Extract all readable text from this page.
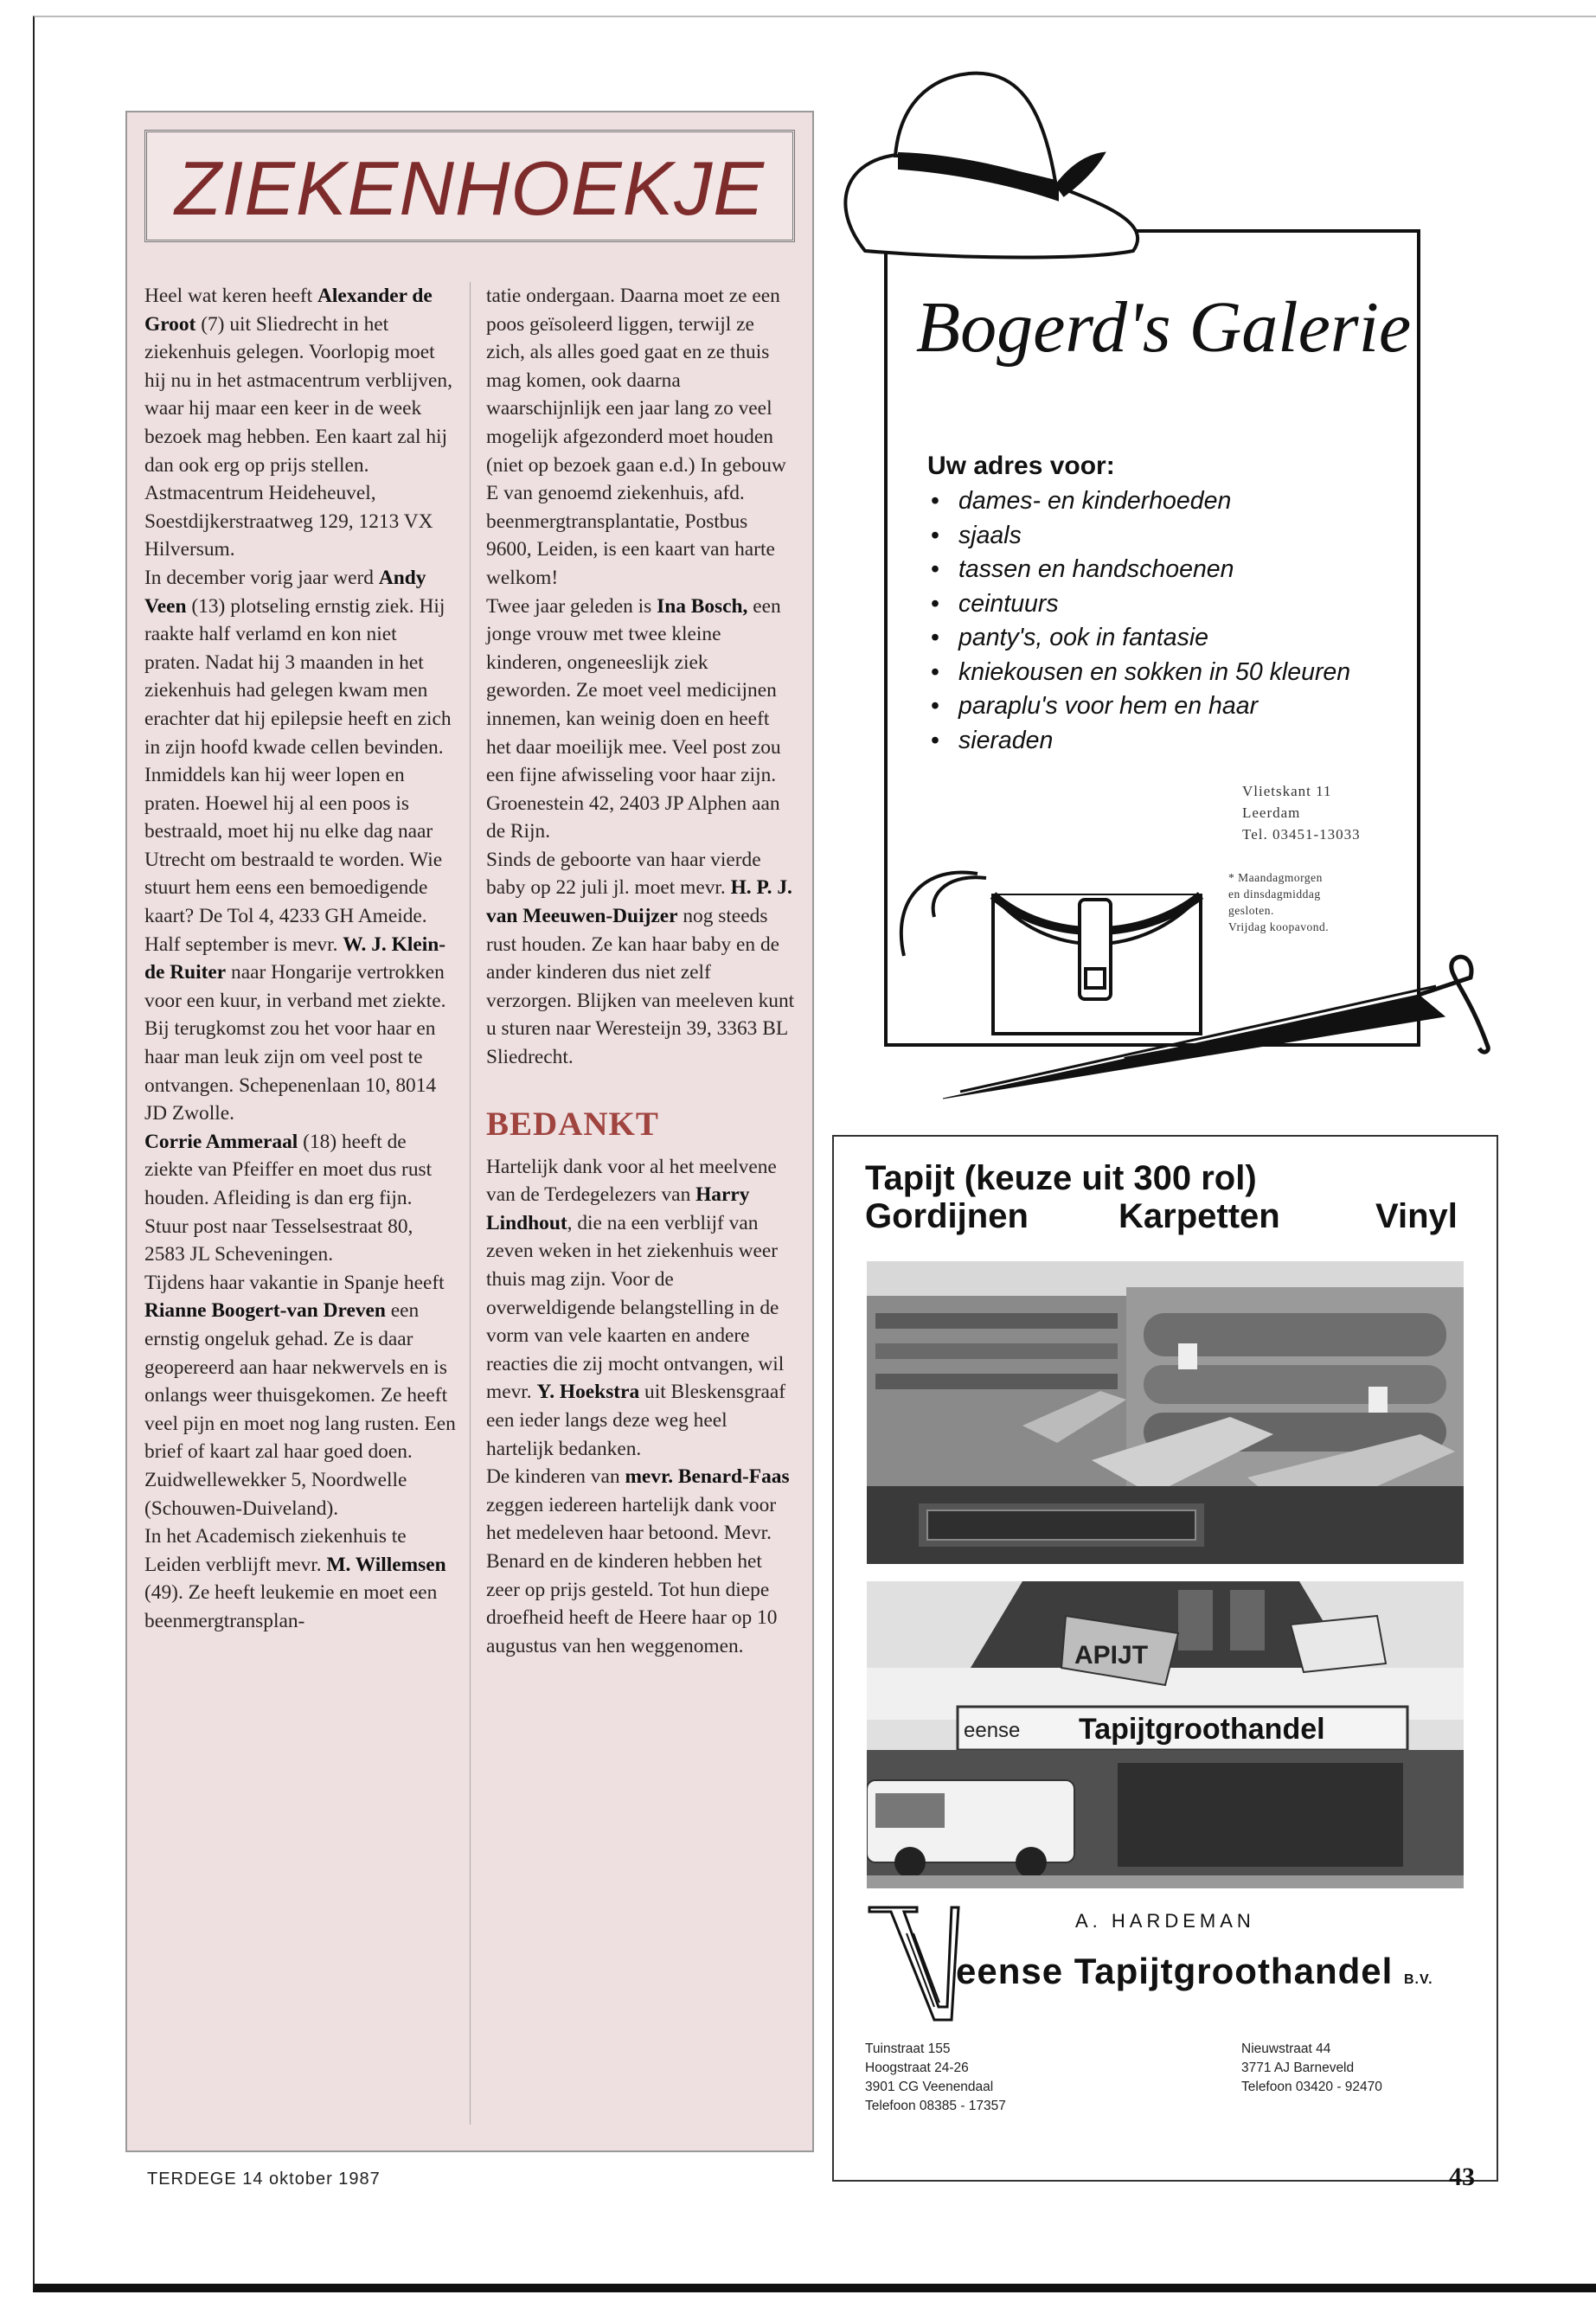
ZIEKENHOEKJE

Heel wat keren heeft Alexander de Groot (7) uit Sliedrecht in het ziekenhuis gelegen. Voorlopig moet hij nu in het astmacentrum verblijven, waar hij maar een keer in de week bezoek mag hebben. Een kaart zal hij dan ook erg op prijs stellen. Astmacentrum Heideheuvel, Soestdijkerstraatweg 129, 1213 VX Hilversum.

In december vorig jaar werd Andy Veen (13) plotseling ernstig ziek. Hij raakte half verlamd en kon niet praten. Nadat hij 3 maanden in het ziekenhuis had gelegen kwam men erachter dat hij epilepsie heeft en zich in zijn hoofd kwade cellen bevinden. Inmiddels kan hij weer lopen en praten. Hoewel hij al een poos is bestraald, moet hij nu elke dag naar Utrecht om bestraald te worden. Wie stuurt hem eens een bemoedigende kaart? De Tol 4, 4233 GH Ameide.

Half september is mevr. W. J. Klein-de Ruiter naar Hongarije vertrokken voor een kuur, in verband met ziekte. Bij terugkomst zou het voor haar en haar man leuk zijn om veel post te ontvangen. Schepenenlaan 10, 8014 JD Zwolle.

Corrie Ammeraal (18) heeft de ziekte van Pfeiffer en moet dus rust houden. Afleiding is dan erg fijn. Stuur post naar Tesselsestraat 80, 2583 JL Scheveningen.

Tijdens haar vakantie in Spanje heeft Rianne Boogert-van Dreven een ernstig ongeluk gehad. Ze is daar geopereerd aan haar nekwervels en is onlangs weer thuisgekomen. Ze heeft veel pijn en moet nog lang rusten. Een brief of kaart zal haar goed doen. Zuidwellewekker 5, Noordwelle (Schouwen-Duiveland).

In het Academisch ziekenhuis te Leiden verblijft mevr. M. Willemsen (49). Ze heeft leukemie en moet een beenmergtransplan-

tatie ondergaan. Daarna moet ze een poos geïsoleerd liggen, terwijl ze zich, als alles goed gaat en ze thuis mag komen, ook daarna waarschijnlijk een jaar lang zo veel mogelijk afgezonderd moet houden (niet op bezoek gaan e.d.) In gebouw E van genoemd ziekenhuis, afd. beenmergtransplantatie, Postbus 9600, Leiden, is een kaart van harte welkom!

Twee jaar geleden is Ina Bosch, een jonge vrouw met twee kleine kinderen, ongeneeslijk ziek geworden. Ze moet veel medicijnen innemen, kan weinig doen en heeft het daar moeilijk mee. Veel post zou een fijne afwisseling voor haar zijn. Groenestein 42, 2403 JP Alphen aan de Rijn.

Sinds de geboorte van haar vierde baby op 22 juli jl. moet mevr. H. P. J. van Meeuwen-Duijzer nog steeds rust houden. Ze kan haar baby en de ander kinderen dus niet zelf verzorgen. Blijken van meeleven kunt u sturen naar Weresteijn 39, 3363 BL Sliedrecht.

BEDANKT

Hartelijk dank voor al het meelvene van de Terdegelezers van Harry Lindhout, die na een verblijf van zeven weken in het ziekenhuis weer thuis mag zijn. Voor de overweldigende belangstelling in de vorm van vele kaarten en andere reacties die zij mocht ontvangen, wil mevr. Y. Hoekstra uit Bleskensgraaf een ieder langs deze weg heel hartelijk bedanken.

De kinderen van mevr. Benard-Faas zeggen iedereen hartelijk dank voor het medeleven haar betoond. Mevr. Benard en de kinderen hebben het zeer op prijs gesteld. Tot hun diepe droefheid heeft de Heere haar op 10 augustus van hen weggenomen.

Bogerd's Galerie
Uw adres voor:
• dames- en kinderhoeden
• sjaals
• tassen en handschoenen
• ceintuurs
• panty's, ook in fantasie
• kniekousen en sokken in 50 kleuren
• paraplu's voor hem en haar
• sieraden
Vlietskant 11
Leerdam
Tel. 03451-13033
* Maandagmorgen
en dinsdagmiddag
gesloten.
Vrijdag koopavond.
Tapijt (keuze uit 300 rol)
Gordijnen	Karpetten	Vinyl
APIJT
eense Tapijtgroothandel
A. HARDEMAN
eense Tapijtgroothandel B.V.
Tuinstraat 155
Hoogstraat 24-26
3901 CG Veenendaal
Telefoon 08385 - 17357
Nieuwstraat 44
3771 AJ Barneveld
Telefoon 03420 - 92470
TERDEGE 14 oktober 1987	43
